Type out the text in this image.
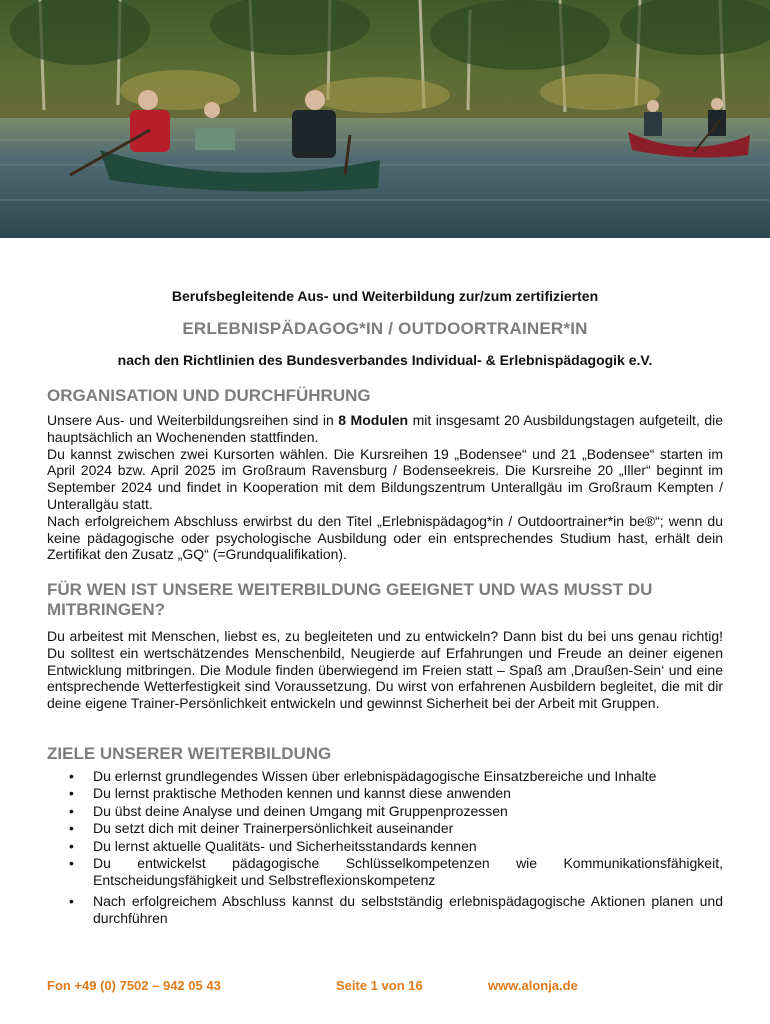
Berufsbegleitende Aus- und Weiterbildung zur/zum zertifizierten
ERLEBNISPÄDAGOG*IN / OUTDOORTRAINER*IN
nach den Richtlinien des Bundesverbandes Individual- & Erlebnispädagogik e.V.
ORGANISATION UND DURCHFÜHRUNG

Unsere Aus- und Weiterbildungsreihen sind in 8 Modulen mit insgesamt 20 Ausbildungstagen aufgeteilt, die hauptsächlich an Wochenenden stattfinden.

Du kannst zwischen zwei Kursorten wählen. Die Kursreihen 19 „Bodensee“ und 21 „Bodensee“ starten im April 2024 bzw. April 2025 im Großraum Ravensburg / Bodenseekreis. Die Kursreihe 20 „Iller“ beginnt im September 2024 und findet in Kooperation mit dem Bildungszentrum Unterallgäu im Großraum Kempten / Unterallgäu statt.

Nach erfolgreichem Abschluss erwirbst du den Titel „Erlebnispädagog*in / Outdoortrainer*in be®“; wenn du keine pädagogische oder psychologische Ausbildung oder ein entsprechendes Studium hast, erhält dein Zertifikat den Zusatz „GQ“ (=Grundqualifikation).

FÜR WEN IST UNSERE WEITERBILDUNG GEEIGNET UND WAS MUSST DU MITBRINGEN?

Du arbeitest mit Menschen, liebst es, zu begleiteten und zu entwickeln? Dann bist du bei uns genau richtig! Du solltest ein wertschätzendes Menschenbild, Neugierde auf Erfahrungen und Freude an deiner eigenen Entwicklung mitbringen. Die Module finden überwiegend im Freien statt – Spaß am ‚Draußen-Sein‘ und eine entsprechende Wetterfestigkeit sind Voraussetzung. Du wirst von erfahrenen Ausbildern begleitet, die mit dir deine eigene Trainer-Persönlichkeit entwickeln und gewinnst Sicherheit bei der Arbeit mit Gruppen.

ZIELE UNSERER WEITERBILDUNG
• Du erlernst grundlegendes Wissen über erlebnispädagogische Einsatzbereiche und Inhalte
• Du lernst praktische Methoden kennen und kannst diese anwenden
• Du übst deine Analyse und deinen Umgang mit Gruppenprozessen
• Du setzt dich mit deiner Trainerpersönlichkeit auseinander
• Du lernst aktuelle Qualitäts- und Sicherheitsstandards kennen
• Du entwickelst pädagogische Schlüsselkompetenzen wie Kommunikationsfähigkeit, Entscheidungsfähigkeit und Selbstreflexionskompetenz
• Nach erfolgreichem Abschluss kannst du selbstständig erlebnispädagogische Aktionen planen und durchführen
Fon +49 (0) 7502 – 942 05 43	Seite 1 von 16	www.alonja.de
